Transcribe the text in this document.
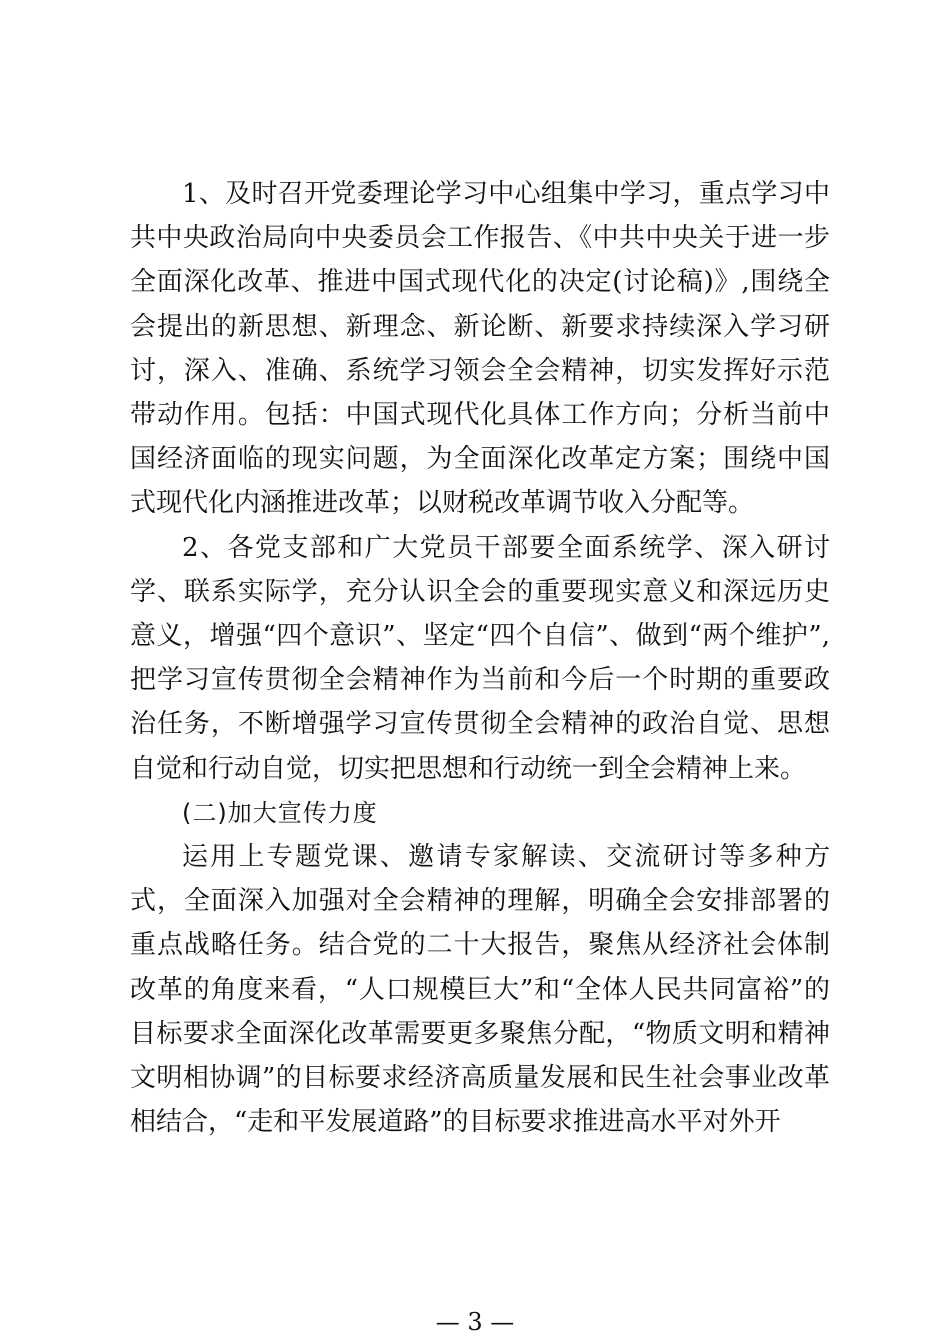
1、及时召开党委理论学习中心组集中学习，重点学习中共中央政治局向中央委员会工作报告、《中共中央关于进一步全面深化改革、推进中国式现代化的决定(讨论稿)》,围绕全会提出的新思想、新理念、新论断、新要求持续深入学习研讨，深入、准确、系统学习领会全会精神，切实发挥好示范带动作用。包括：中国式现代化具体工作方向；分析当前中国经济面临的现实问题，为全面深化改革定方案；围绕中国式现代化内涵推进改革；以财税改革调节收入分配等。

2、各党支部和广大党员干部要全面系统学、深入研讨学、联系实际学，充分认识全会的重要现实意义和深远历史意义，增强“四个意识”、坚定“四个自信”、做到“两个维护”,把学习宣传贯彻全会精神作为当前和今后一个时期的重要政治任务，不断增强学习宣传贯彻全会精神的政治自觉、思想自觉和行动自觉，切实把思想和行动统一到全会精神上来。

(二)加大宣传力度

运用上专题党课、邀请专家解读、交流研讨等多种方式，全面深入加强对全会精神的理解，明确全会安排部署的重点战略任务。结合党的二十大报告，聚焦从经济社会体制改革的角度来看，“人口规模巨大”和“全体人民共同富裕”的目标要求全面深化改革需要更多聚焦分配，“物质文明和精神文明相协调”的目标要求经济高质量发展和民生社会事业改革相结合，“走和平发展道路”的目标要求推进高水平对外开

— 3 —
